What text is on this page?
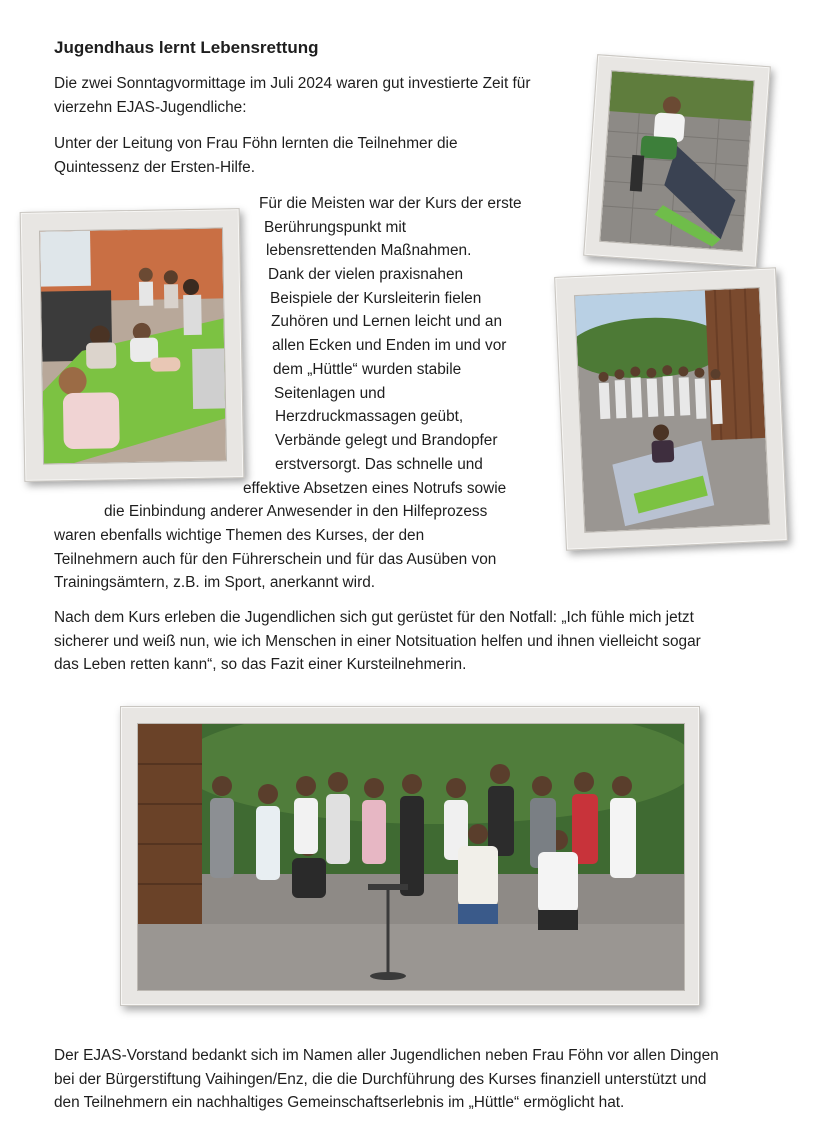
Jugendhaus lernt Lebensrettung
Die zwei Sonntagvormittage im Juli 2024 waren gut investierte Zeit für
vierzehn EJAS-Jugendliche:
Unter der Leitung von Frau Föhn lernten die Teilnehmer die
Quintessenz der Ersten-Hilfe.
Für die Meisten war der Kurs der erste
Berührungspunkt mit
lebensrettenden Maßnahmen.
Dank der vielen praxisnahen
Beispiele der Kursleiterin fielen
Zuhören und Lernen leicht und an
allen Ecken und Enden im und vor
dem „Hüttle“ wurden stabile
Seitenlagen und
Herzdruckmassagen geübt,
Verbände gelegt und Brandopfer
erstversorgt. Das schnelle und
effektive Absetzen eines Notrufs sowie
die Einbindung anderer Anwesender in den Hilfeprozess
waren ebenfalls wichtige Themen des Kurses, der den
Teilnehmern auch für den Führerschein und für das Ausüben von
Trainingsämtern, z.B. im Sport, anerkannt wird.
Nach dem Kurs erleben die Jugendlichen sich gut gerüstet für den Notfall: „Ich fühle mich jetzt
sicherer und weiß nun, wie ich Menschen in einer Notsituation helfen und ihnen vielleicht sogar
das Leben retten kann“, so das Fazit einer Kursteilnehmerin.
Der EJAS-Vorstand bedankt sich im Namen aller Jugendlichen neben Frau Föhn vor allen Dingen
bei der Bürgerstiftung Vaihingen/Enz, die die Durchführung des Kurses finanziell unterstützt und
den Teilnehmern ein nachhaltiges Gemeinschaftserlebnis im „Hüttle“ ermöglicht hat.
